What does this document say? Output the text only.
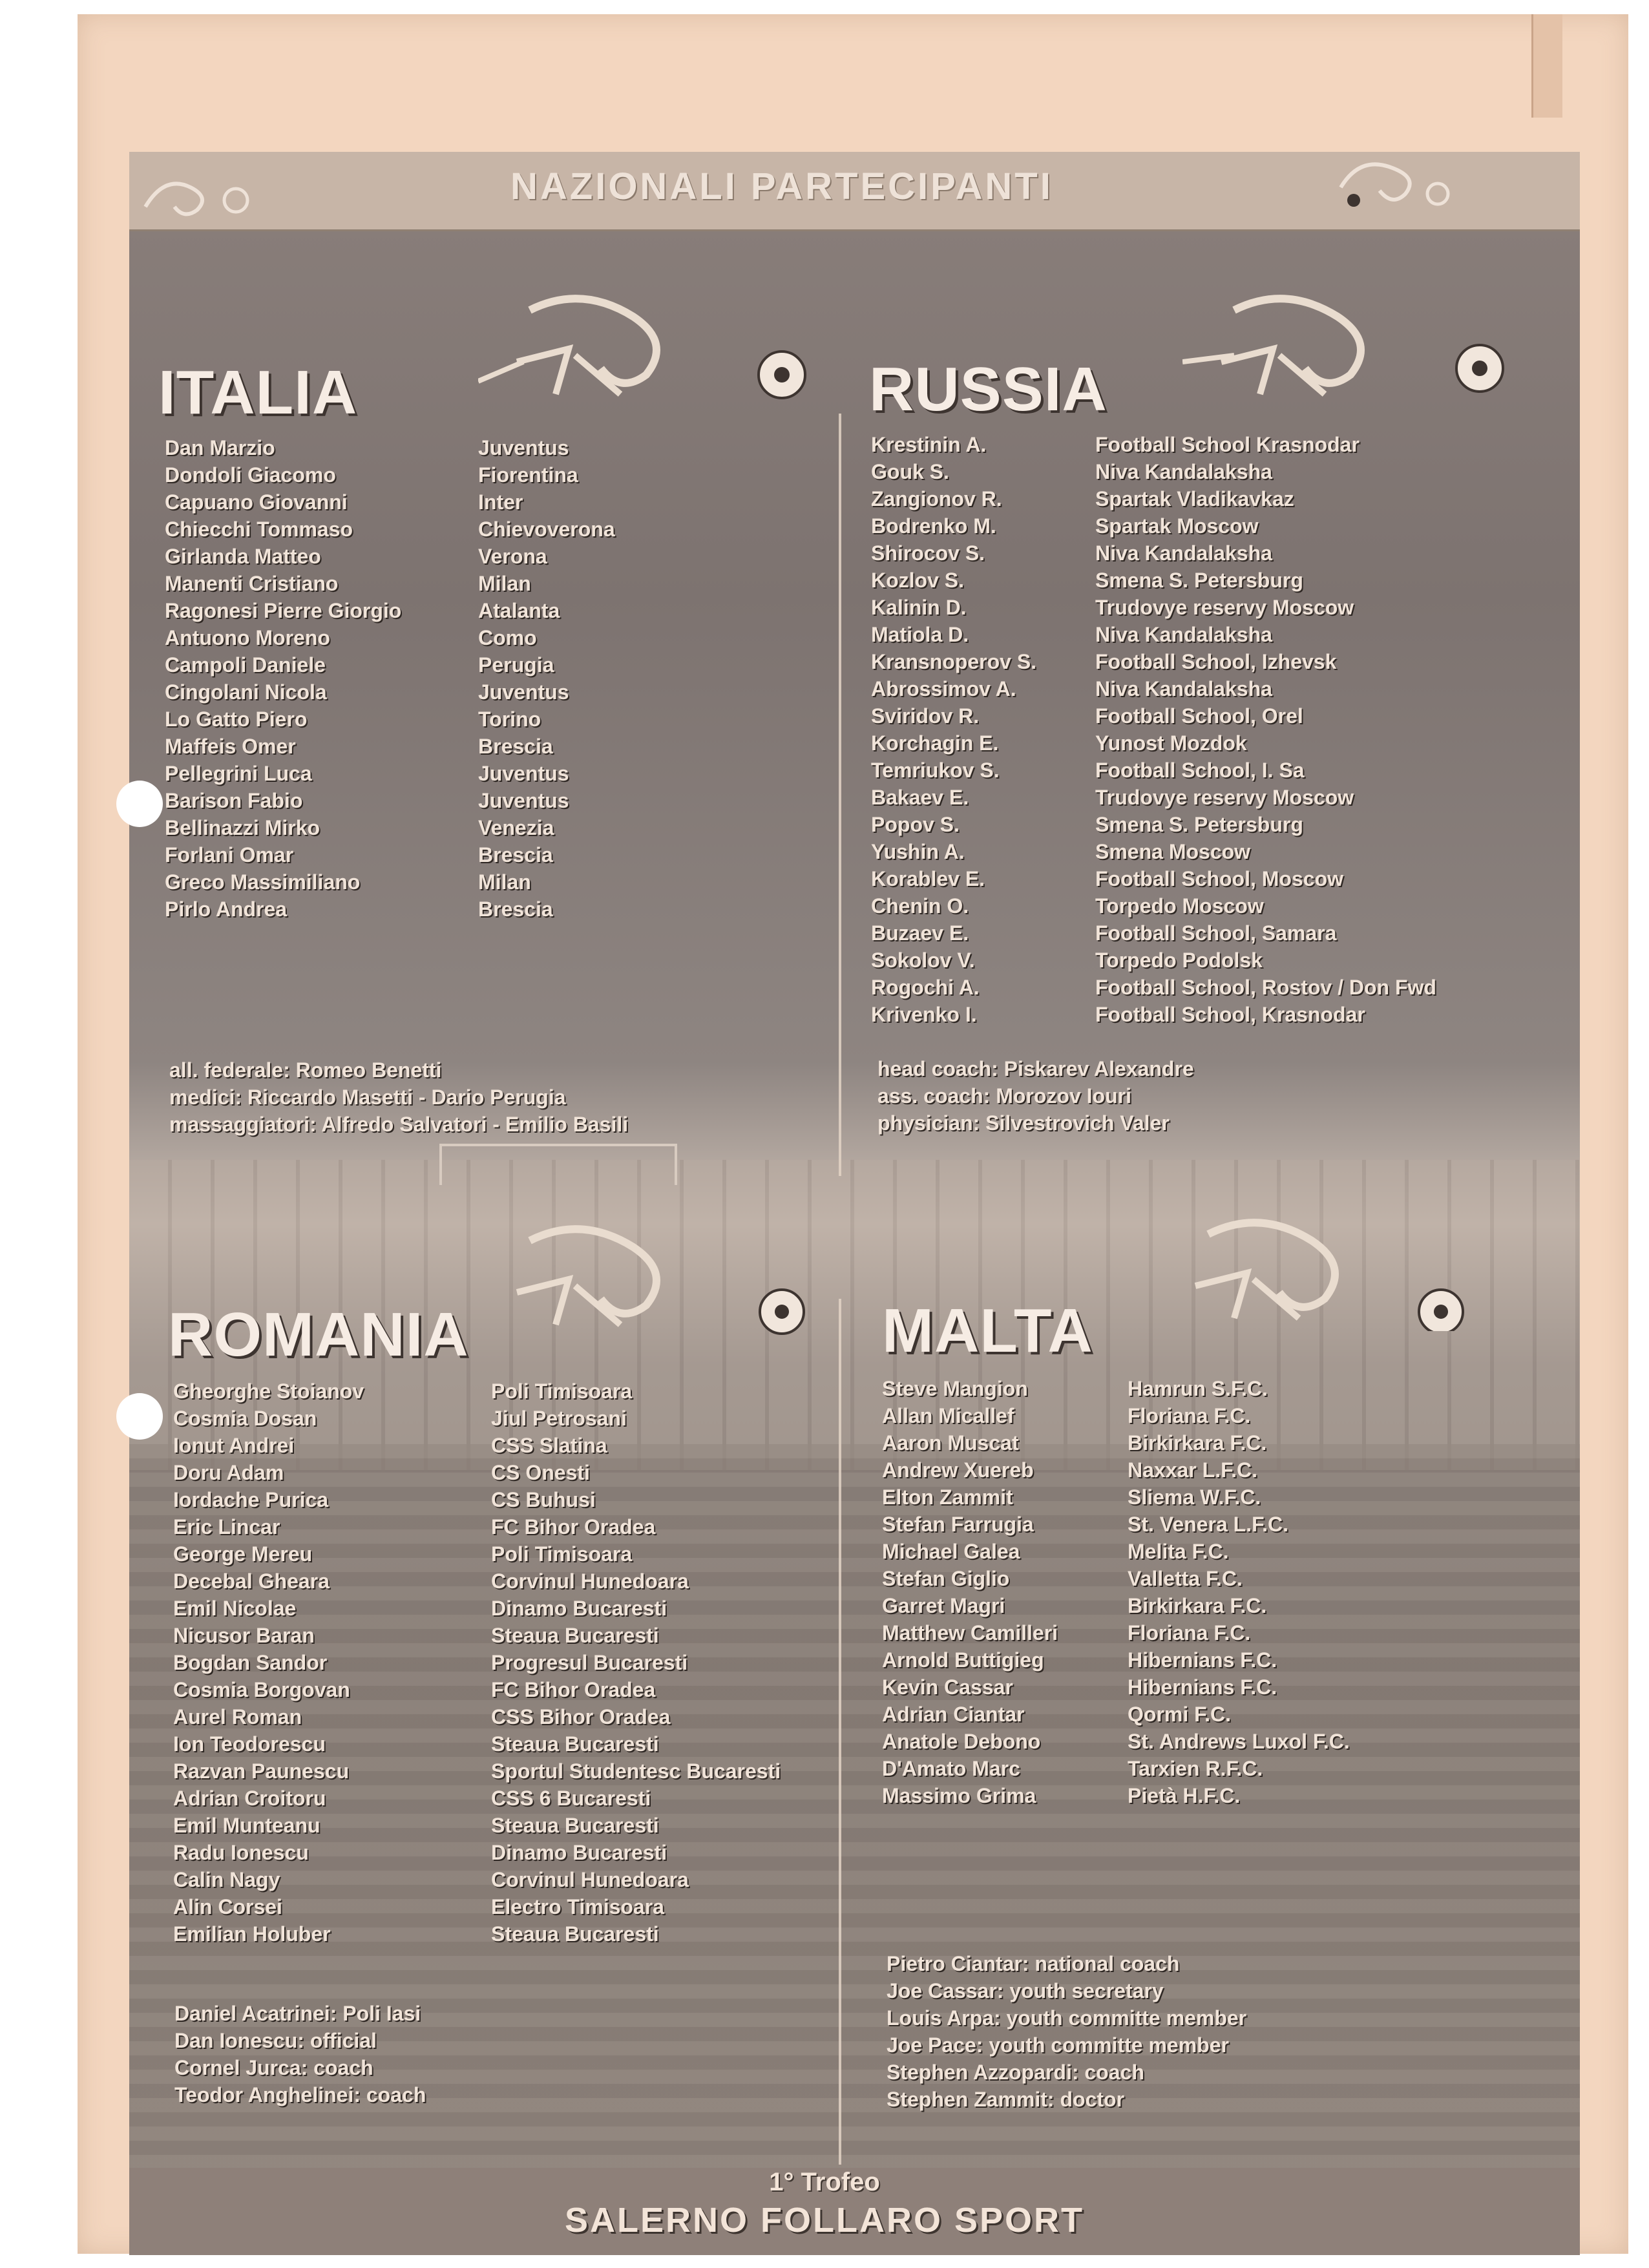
NAZIONALI PARTECIPANTI
ITALIA
Dan Marzio
Dondoli Giacomo
Capuano Giovanni
Chiecchi Tommaso
Girlanda Matteo
Manenti Cristiano
Ragonesi Pierre Giorgio
Antuono Moreno
Campoli Daniele
Cingolani Nicola
Lo Gatto Piero
Maffeis Omer
Pellegrini Luca
Barison Fabio
Bellinazzi Mirko
Forlani Omar
Greco Massimiliano
Pirlo Andrea
Juventus
Fiorentina
Inter
Chievoverona
Verona
Milan
Atalanta
Como
Perugia
Juventus
Torino
Brescia
Juventus
Juventus
Venezia
Brescia
Milan
Brescia
all. federale: Romeo Benetti
medici: Riccardo Masetti - Dario Perugia
massaggiatori: Alfredo Salvatori - Emilio Basili
RUSSIA
Krestinin A.
Gouk S.
Zangionov R.
Bodrenko M.
Shirocov S.
Kozlov S.
Kalinin D.
Matiola D.
Kransnoperov S.
Abrossimov A.
Sviridov R.
Korchagin E.
Temriukov S.
Bakaev E.
Popov S.
Yushin A.
Korablev E.
Chenin O.
Buzaev E.
Sokolov V.
Rogochi A.
Krivenko I.
Football School Krasnodar
Niva Kandalaksha
Spartak Vladikavkaz
Spartak Moscow
Niva Kandalaksha
Smena S. Petersburg
Trudovye reservy Moscow
Niva Kandalaksha
Football School, Izhevsk
Niva Kandalaksha
Football School, Orel
Yunost Mozdok
Football School, I. Sa
Trudovye reservy Moscow
Smena S. Petersburg
Smena Moscow
Football School, Moscow
Torpedo Moscow
Football School, Samara
Torpedo Podolsk
Football School, Rostov / Don Fwd
Football School, Krasnodar
head coach: Piskarev Alexandre
ass. coach: Morozov Iouri
physician: Silvestrovich Valer
ROMANIA
Gheorghe Stoianov
Cosmia Dosan
Ionut Andrei
Doru Adam
Iordache Purica
Eric Lincar
George Mereu
Decebal Gheara
Emil Nicolae
Nicusor Baran
Bogdan Sandor
Cosmia Borgovan
Aurel Roman
Ion Teodorescu
Razvan Paunescu
Adrian Croitoru
Emil Munteanu
Radu Ionescu
Calin Nagy
Alin Corsei
Emilian Holuber
Poli Timisoara
Jiul Petrosani
CSS Slatina
CS Onesti
CS Buhusi
FC Bihor Oradea
Poli Timisoara
Corvinul Hunedoara
Dinamo Bucaresti
Steaua Bucaresti
Progresul Bucaresti
FC Bihor Oradea
CSS Bihor Oradea
Steaua Bucaresti
Sportul Studentesc Bucaresti
CSS 6 Bucaresti
Steaua Bucaresti
Dinamo Bucaresti
Corvinul Hunedoara
Electro Timisoara
Steaua Bucaresti
Daniel Acatrinei: Poli Iasi
Dan Ionescu: official
Cornel Jurca: coach
Teodor Anghelinei: coach
MALTA
Steve Mangion
Allan Micallef
Aaron Muscat
Andrew Xuereb
Elton Zammit
Stefan Farrugia
Michael Galea
Stefan Giglio
Garret Magri
Matthew Camilleri
Arnold Buttigieg
Kevin Cassar
Adrian Ciantar
Anatole Debono
D'Amato Marc
Massimo Grima
Hamrun S.F.C.
Floriana F.C.
Birkirkara F.C.
Naxxar L.F.C.
Sliema W.F.C.
St. Venera L.F.C.
Melita F.C.
Valletta F.C.
Birkirkara F.C.
Floriana F.C.
Hibernians F.C.
Hibernians F.C.
Qormi F.C.
St. Andrews Luxol F.C.
Tarxien R.F.C.
Pietà H.F.C.
Pietro Ciantar: national coach
Joe Cassar: youth secretary
Louis Arpa: youth committe member
Joe Pace: youth committe member
Stephen Azzopardi: coach
Stephen Zammit: doctor
1° Trofeo
SALERNO FOLLARO SPORT
